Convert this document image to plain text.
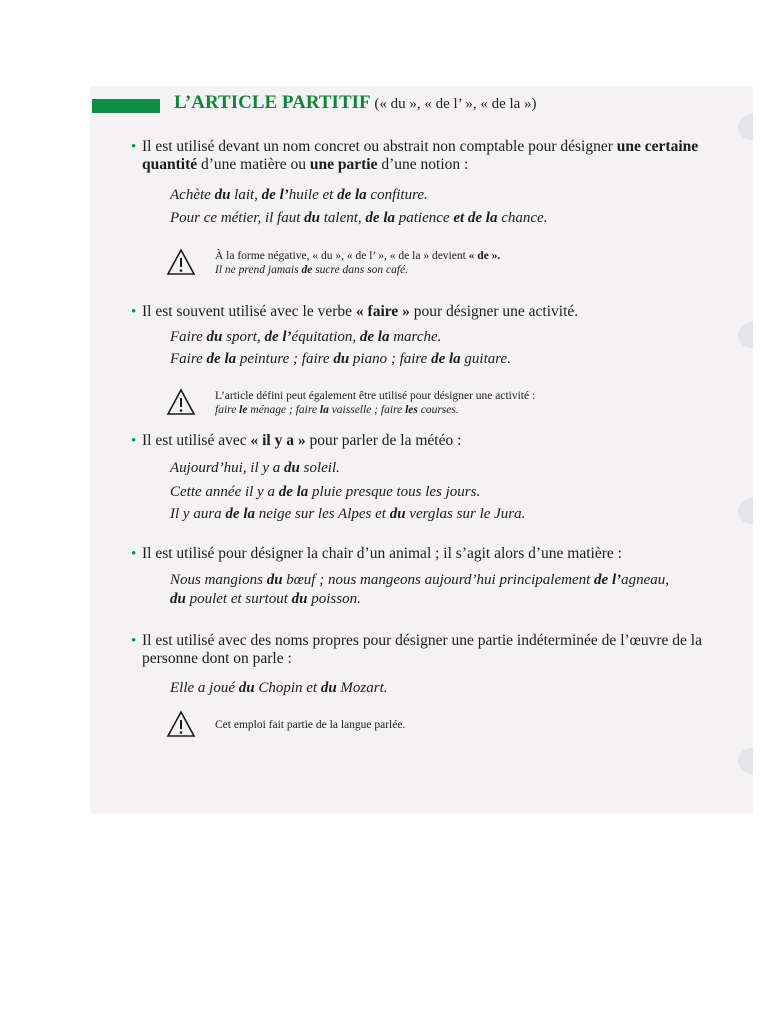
L’ARTICLE PARTITIF (« du », « de l’ », « de la »)
• Il est utilisé devant un nom concret ou abstrait non comptable pour désigner une certaine quantité d’une matière ou une partie d’une notion :
Achète du lait, de l’huile et de la confiture.
Pour ce métier, il faut du talent, de la patience et de la chance.
À la forme négative, « du », « de l’ », « de la » devient « de ».
Il ne prend jamais de sucre dans son café.
• Il est souvent utilisé avec le verbe « faire » pour désigner une activité.
Faire du sport, de l’équitation, de la marche.
Faire de la peinture ; faire du piano ; faire de la guitare.
L’article défini peut également être utilisé pour désigner une activité :
faire le ménage ; faire la vaisselle ; faire les courses.
• Il est utilisé avec « il y a » pour parler de la météo :
Aujourd’hui, il y a du soleil.
Cette année il y a de la pluie presque tous les jours.
Il y aura de la neige sur les Alpes et du verglas sur le Jura.
• Il est utilisé pour désigner la chair d’un animal ; il s’agit alors d’une matière :
Nous mangions du bœuf ; nous mangeons aujourd’hui principalement de l’agneau,
du poulet et surtout du poisson.
• Il est utilisé avec des noms propres pour désigner une partie indéterminée de l’œuvre de la personne dont on parle :
Elle a joué du Chopin et du Mozart.
Cet emploi fait partie de la langue parlée.
